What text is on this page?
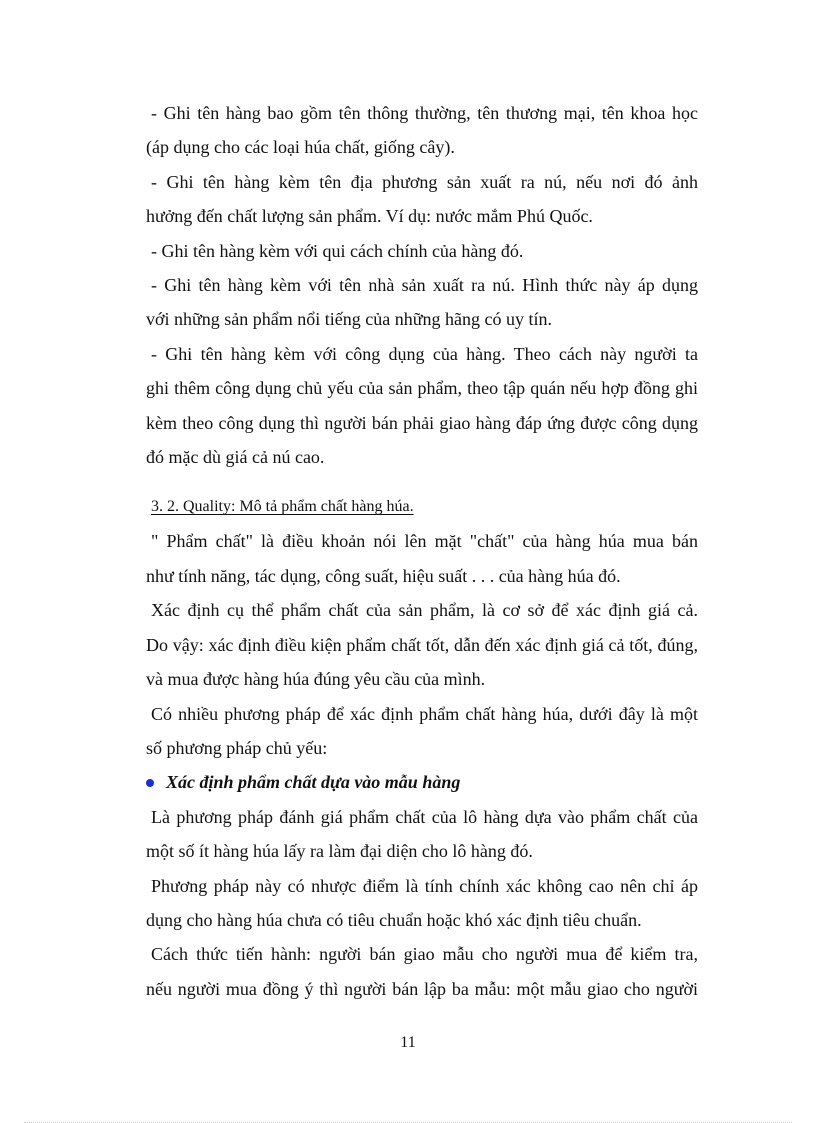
- Ghi tên hàng bao gồm tên thông thường, tên thương mại, tên khoa học
(áp dụng cho các loại húa chất, giống cây).

- Ghi tên hàng kèm tên địa phương sản xuất ra nú, nếu nơi đó ảnh
hưởng đến chất lượng sản phẩm. Ví dụ: nước mắm Phú Quốc.

- Ghi tên hàng kèm với qui cách chính của hàng đó.

- Ghi tên hàng kèm với tên nhà sản xuất ra nú. Hình thức này áp dụng
với những sản phẩm nổi tiếng của những hãng có uy tín.

- Ghi tên hàng kèm với công dụng của hàng. Theo cách này người ta
ghi thêm công dụng chủ yếu của sản phẩm, theo tập quán nếu hợp đồng ghi
kèm theo công dụng thì người bán phải giao hàng đáp ứng được công dụng
đó mặc dù giá cả nú cao.

3. 2. Quality: Mô tả phẩm chất hàng húa.

" Phẩm chất" là điều khoản nói lên mặt "chất" của hàng húa mua bán
như tính năng, tác dụng, công suất, hiệu suất . . . của hàng húa đó.

Xác định cụ thể phẩm chất của sản phẩm, là cơ sở để xác định giá cả.
Do vậy: xác định điều kiện phẩm chất tốt, dẫn đến xác định giá cả tốt, đúng,
và mua được hàng húa đúng yêu cầu của mình.

Có nhiều phương pháp để xác định phẩm chất hàng húa, dưới đây là một
số phương pháp chủ yếu:

Xác định phẩm chất dựa vào mẫu hàng

Là phương pháp đánh giá phẩm chất của lô hàng dựa vào phẩm chất của
một số ít hàng húa lấy ra làm đại diện cho lô hàng đó.

Phương pháp này có nhược điểm là tính chính xác không cao nên chỉ áp
dụng cho hàng húa chưa có tiêu chuẩn hoặc khó xác định tiêu chuẩn.

Cách thức tiến hành: người bán giao mẫu cho người mua để kiểm tra,
nếu người mua đồng ý thì người bán lập ba mẫu: một mẫu giao cho người

11
